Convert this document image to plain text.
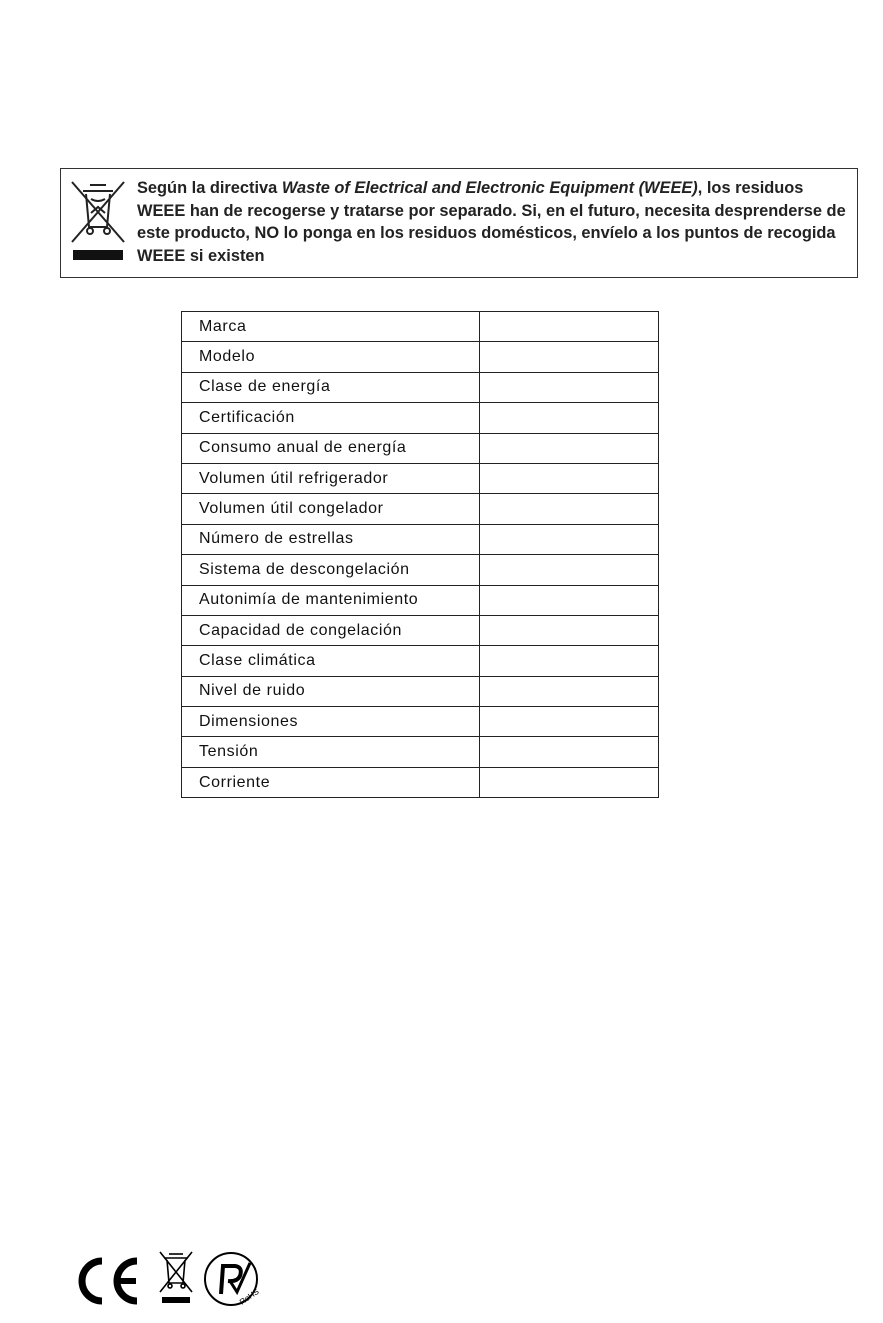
Según la directiva Waste of Electrical and Electronic Equipment (WEEE), los residuos WEEE han de recogerse y tratarse por separado. Si, en el futuro, necesita desprenderse de este producto, NO lo ponga en los residuos domésticos, envíelo a los puntos de recogida WEEE si existen
Marca	
Modelo	
Clase de energía	
Certificación	
Consumo anual de energía	
Volumen útil refrigerador	
Volumen útil congelador	
Número de estrellas	
Sistema de descongelación	
Autonimía de mantenimiento	
Capacidad de congelación	
Clase climática	
Nivel de ruido	
Dimensiones	
Tensión	
Corriente	
RoHS
